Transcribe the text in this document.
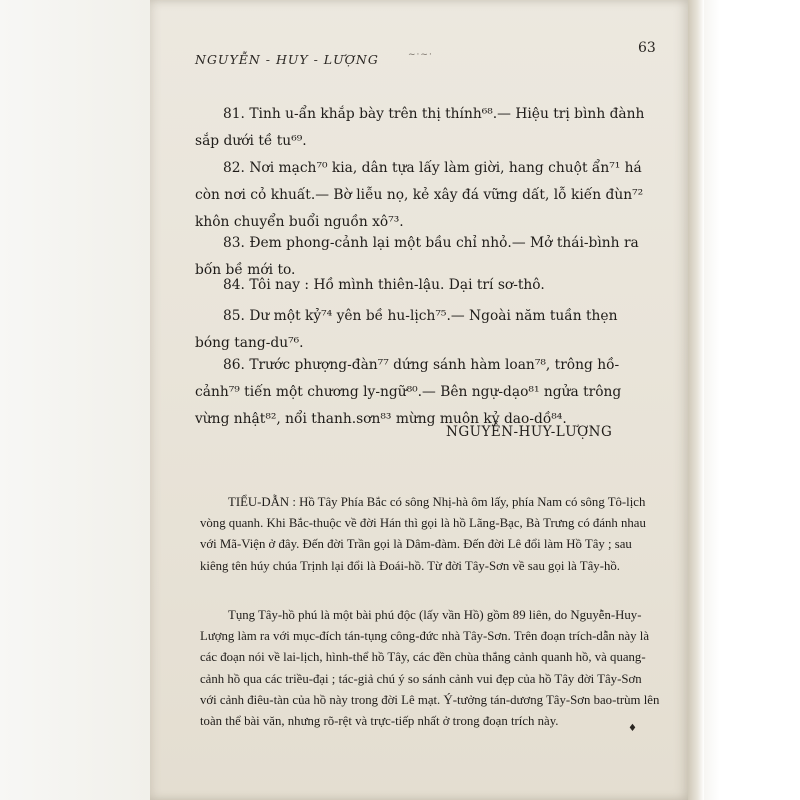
NGUYỄN - HUY - LƯỢNG	~·~·	63
81. Tinh u-ẩn khắp bày trên thị thính⁶⁸.— Hiệu trị bình đành sắp dưới tề tu⁶⁹.
82. Nơi mạch⁷⁰ kia, dân tựa lấy làm giời, hang chuột ẩn⁷¹ há còn nơi cỏ khuất.— Bờ liễu nọ, kẻ xây đá vững dất, lỗ kiến đùn⁷² khôn chuyển buổi nguồn xô⁷³.
83. Đem phong-cảnh lại một bầu chỉ nhỏ.— Mở thái-bình ra bốn bề mới to.
84. Tôi nay : Hồ mình thiên-lậu. Dại trí sơ-thô.
85. Dư một kỷ⁷⁴ yên bề hu-lịch⁷⁵.— Ngoài năm tuần thẹn bóng tang-du⁷⁶.
86. Trước phượng-đàn⁷⁷ dứng sánh hàm loan⁷⁸, trông hồ-cảnh⁷⁹ tiến một chương ly-ngữ⁸⁰.— Bên ngự-dạo⁸¹ ngửa trông vừng nhật⁸², nổi thanh.sơn⁸³ mừng muôn kỷ dao-dồ⁸⁴.
NGUYỄN-HUY-LƯỢNG
TIỂU-DẪN : Hồ Tây Phía Bắc có sông Nhị-hà ôm lấy, phía Nam có sông Tô-lịch vòng quanh. Khi Bắc-thuộc về đời Hán thì gọi là hồ Lãng-Bạc, Bà Trưng có đánh nhau với Mã-Viện ở đây. Đến đời Trần gọi là Dâm-đàm. Đến đời Lê đổi làm Hồ Tây ; sau kiêng tên húy chúa Trịnh lại đổi là Đoái-hồ. Từ đời Tây-Sơn về sau gọi là Tây-hồ.
Tụng Tây-hồ phú là một bài phú độc (lấy vần Hồ) gồm 89 liên, do Nguyễn-Huy-Lượng làm ra với mục-đích tán-tụng công-đức nhà Tây-Sơn. Trên đoạn trích-dẫn này là các đoạn nói về lai-lịch, hình-thể hồ Tây, các đền chùa thắng cảnh quanh hồ, và quang-cảnh hồ qua các triều-đại ; tác-giả chú ý so sánh cảnh vui đẹp của hồ Tây đời Tây-Sơn với cảnh điêu-tàn của hồ này trong đời Lê mạt. Ý-tưởng tán-dương Tây-Sơn bao-trùm lên toàn thể bài văn, nhưng rõ-rệt và trực-tiếp nhất ở trong đoạn trích này.
♦
